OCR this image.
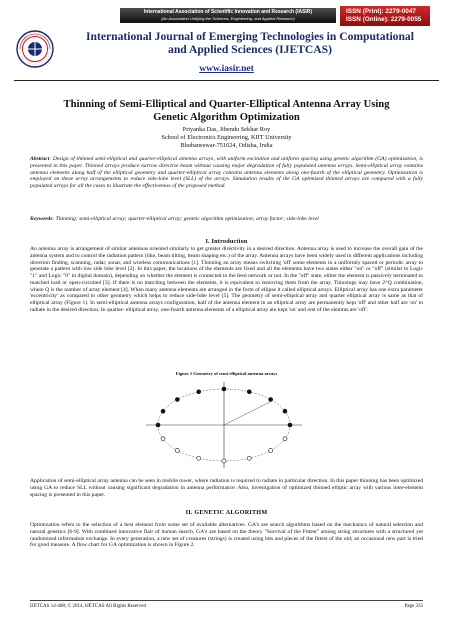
International Association of Scientific Innovation and Research (IASIR)
(An Association Unifying the Sciences, Engineering, and Applied Research)
ISSN (Print): 2279-0047
ISSN (Online): 2279-0055
International Journal of Emerging Technologies in Computational
and Applied Sciences (IJETCAS)
www.iasir.net
Thinning of Semi-Elliptical and Quarter-Elliptical Antenna Array Using
Genetic Algorithm Optimization
Priyanka Das, Jibendu Sekhar Roy
School of Electronics Engineering, KIIT University
Bhubaneswar-751024, Odisha, India

Abstract: Design of thinned semi-elliptical and quarter-elliptical antenna arrays, with uniform excitation and uniform spacing using genetic algorithm (GA) optimization, is presented in this paper. Thinned arrays produce narrow directive beam without causing major degradation of fully populated antenna arrays. Semi-elliptical array contains antenna elements along half of the elliptical geometry and quarter-elliptical array contains antenna elements along one-fourth of the elliptical geometry. Optimization is employed on these array arrangements to reduce side-lobe level (SLL) of the arrays. Simulation results of the GA optimized thinned arrays are compared with a fully populated arrays for all the cases to illustrate the effectiveness of the proposed method.

Keywords: Thinning; semi-elliptical array; quarter-elliptical array; genetic algorithm optimization; array factor; side-lobe level

I. Introduction

An antenna array is arrangement of similar antennas oriented similarly to get greater directivity in a desired direction. Antenna array is used to increase the overall gain of the antenna system and to control the radiation pattern (like, beam tilting, beam shaping etc.) of the array. Antenna arrays have been widely used in different applications including direction finding, scanning, radar, sonar, and wireless communications [1]. Thinning an array means switching 'off' some elements in a uniformly spaced or periodic array to generate a pattern with low side lobe level [2]. In this paper, the locations of the elements are fixed and all the elements have two states either "on" or "off" (similar to Logic "1" and Logic "0" in digital domain), depending on whether the element is connected to the feed network or not. In the "off" state, either the element is passively terminated to matched load or open-circuited [3]. If there is no matching between the elements, it is equivalent to removing them from the array. Thinnings may have 2^Q combination, where Q is the number of array element [4]. When many antenna elements are arranged in the form of ellipse it called elliptical arrays. Elliptical array has one extra parameter 'eccentricity' as compared to other geometry which helps to reduce side-lobe level [5]. The geometry of semi-elliptical array and quarter elliptical array is same as that of elliptical array (Figure 1). In semi-elliptical antenna arrays configuration, half of the antenna element in an elliptical array are permanently kept 'off' and other half are 'on' to radiate in the desired direction. In quarter- elliptical array, one-fourth antenna elements of a elliptical array are kept 'on' and rest of the elemnts are 'off'.

Figure 1 Geometry of semi-elliptical antenna arrays

Application of semi-elliptical array antenna can be seen in mobile tower, where radiation is required to radiate in particular direction. In this paper thinning has been optimized using GA to reduce SLL without causing significant degradation in antenna performance. Also, investigation of optimized thinned elliptic array with various inter-element spacing is presented in this paper.

II. GENETIC ALGORITHM

Optimization refers to the selection of a best element from some set of available alternatives. GA's are search algorithms based on the mechanics of natural selection and natural genetics [6-9]. With combined innovative flair of human search, GA's are based on the theory "Survival of the Fittest" among string structures with a structured yet randomized information exchange. In every generation, a new set of creatures (strings) is created using bits and pieces of the fittest of the old; an occasional new part is tried for good measure. A flow chart for GA optimization is shown in Figure 2.

IJETCAS 14-408; © 2014, IJETCAS All Rights Reserved	Page 335
